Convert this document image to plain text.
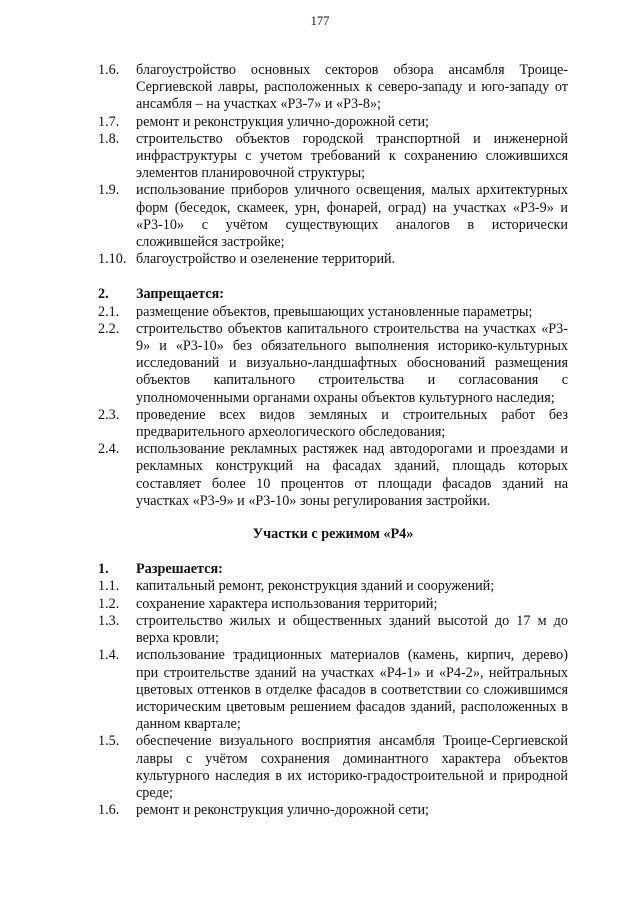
177
1.6.	благоустройство основных секторов обзора ансамбля Троице-Сергиевской лавры, расположенных к северо-западу и юго-западу от ансамбля – на участках «Р3-7» и «Р3-8»;
1.7.	ремонт и реконструкция улично-дорожной сети;
1.8.	строительство объектов городской транспортной и инженерной инфраструктуры с учетом требований к сохранению сложившихся элементов планировочной структуры;
1.9.	использование приборов уличного освещения, малых архитектурных форм (беседок, скамеек, урн, фонарей, оград) на участках «Р3-9» и «Р3-10» с учётом существующих аналогов в исторически сложившейся застройке;
1.10. благоустройство и озеленение территорий.
2.	Запрещается:
2.1.	размещение объектов, превышающих установленные параметры;
2.2.	строительство объектов капитального строительства на участках «Р3-9» и «Р3-10» без обязательного выполнения историко-культурных исследований и визуально-ландшафтных обоснований размещения объектов капитального строительства и согласования с уполномоченными органами охраны объектов культурного наследия;
2.3.	проведение всех видов земляных и строительных работ без предварительного археологического обследования;
2.4.	использование рекламных растяжек над автодорогами и проездами и рекламных конструкций на фасадах зданий, площадь которых составляет более 10 процентов от площади фасадов зданий на участках «Р3-9» и «Р3-10» зоны регулирования застройки.
Участки с режимом «Р4»
1.	Разрешается:
1.1.	капитальный ремонт, реконструкция зданий и сооружений;
1.2.	сохранение характера использования территорий;
1.3.	строительство жилых и общественных зданий высотой до 17 м до верха кровли;
1.4.	использование традиционных материалов (камень, кирпич, дерево) при строительстве зданий на участках «Р4-1» и «Р4-2», нейтральных цветовых оттенков в отделке фасадов в соответствии со сложившимся историческим цветовым решением фасадов зданий, расположенных в данном квартале;
1.5.	обеспечение визуального восприятия ансамбля Троице-Сергиевской лавры с учётом сохранения доминантного характера объектов культурного наследия в их историко-градостроительной и природной среде;
1.6.	ремонт и реконструкция улично-дорожной сети;
